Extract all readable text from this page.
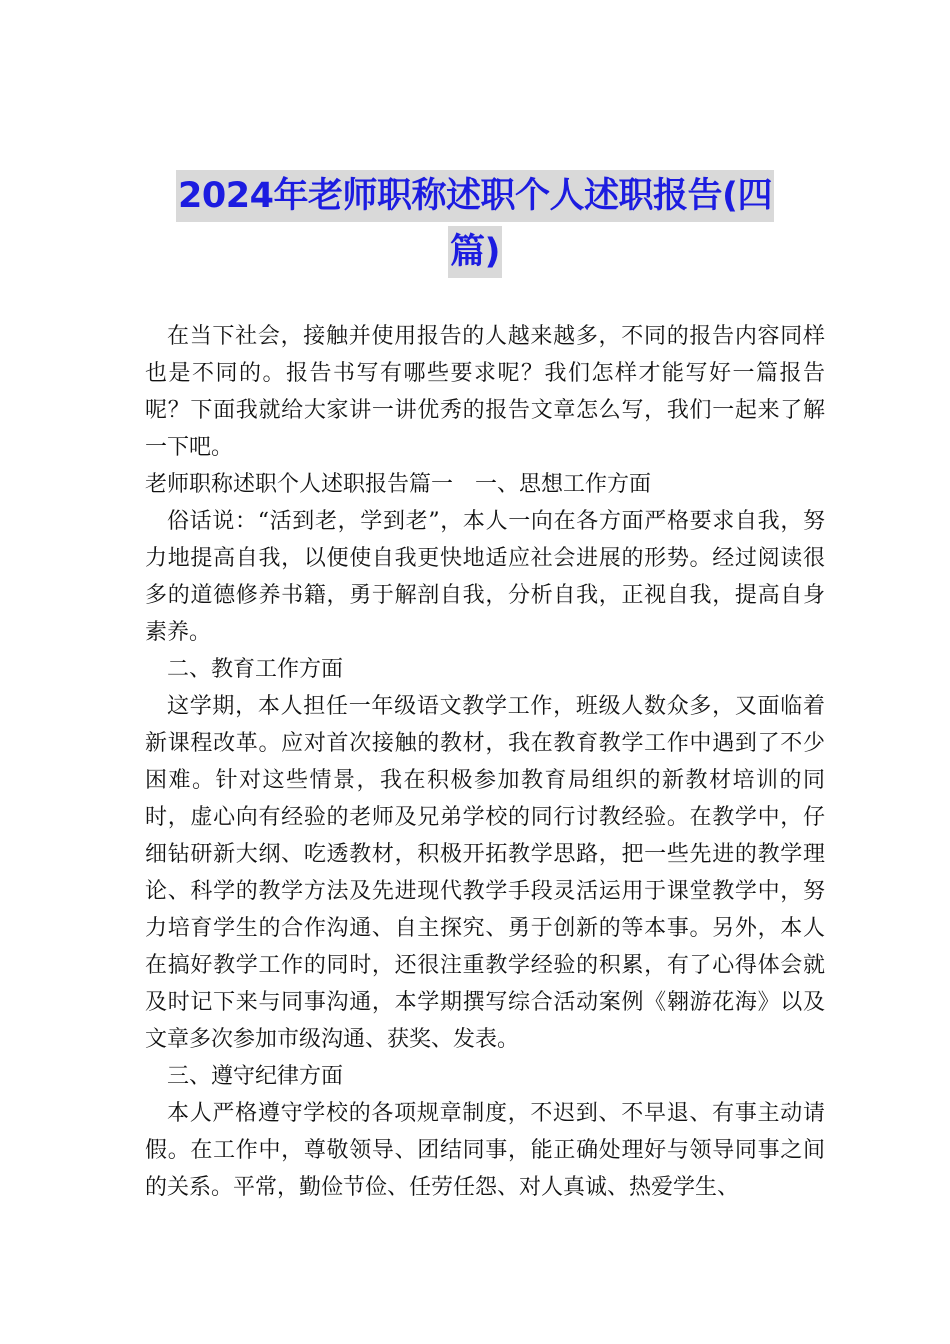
2024年老师职称述职个人述职报告(四
篇)

在当下社会，接触并使用报告的人越来越多，不同的报告内容同样也是不同的。报告书写有哪些要求呢？我们怎样才能写好一篇报告呢？下面我就给大家讲一讲优秀的报告文章怎么写，我们一起来了解一下吧。

老师职称述职个人述职报告篇一　一、思想工作方面

俗话说：“活到老，学到老”，本人一向在各方面严格要求自我，努力地提高自我，以便使自我更快地适应社会进展的形势。经过阅读很多的道德修养书籍，勇于解剖自我，分析自我，正视自我，提高自身素养。

二、教育工作方面

这学期，本人担任一年级语文教学工作，班级人数众多，又面临着新课程改革。应对首次接触的教材，我在教育教学工作中遇到了不少困难。针对这些情景，我在积极参加教育局组织的新教材培训的同时，虚心向有经验的老师及兄弟学校的同行讨教经验。在教学中，仔细钻研新大纲、吃透教材，积极开拓教学思路，把一些先进的教学理论、科学的教学方法及先进现代教学手段灵活运用于课堂教学中，努力培育学生的合作沟通、自主探究、勇于创新的等本事。另外，本人在搞好教学工作的同时，还很注重教学经验的积累，有了心得体会就及时记下来与同事沟通，本学期撰写综合活动案例《翱游花海》以及文章多次参加市级沟通、获奖、发表。

三、遵守纪律方面

本人严格遵守学校的各项规章制度，不迟到、不早退、有事主动请假。在工作中，尊敬领导、团结同事，能正确处理好与领导同事之间的关系。平常，勤俭节俭、任劳任怨、对人真诚、热爱学生、
